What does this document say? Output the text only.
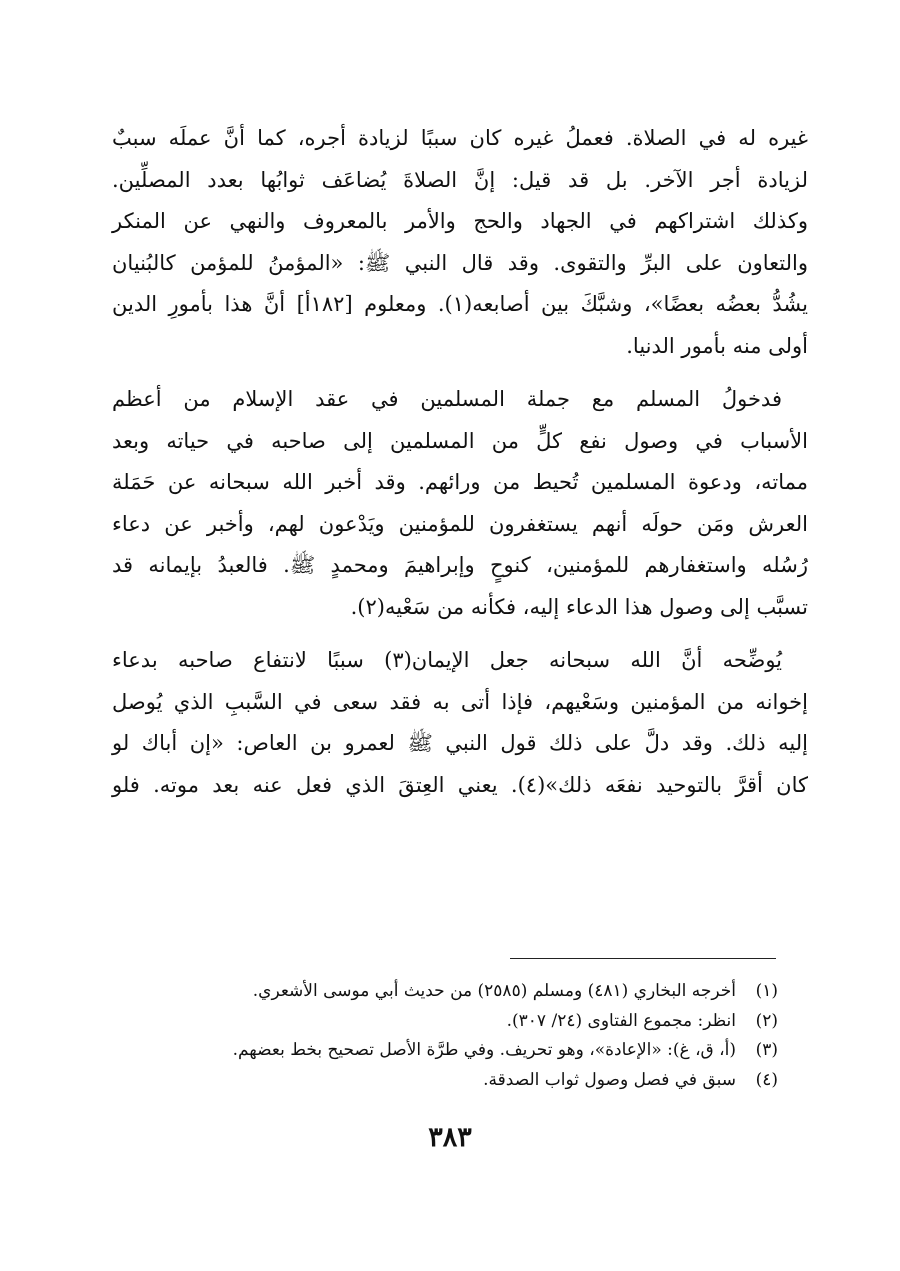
غيره له في الصلاة. فعملُ غيره كان سببًا لزيادة أجره، كما أنَّ عملَه سببٌ
لزيادة أجر الآخر. بل قد قيل: إنَّ الصلاةَ يُضاعَف ثوابُها بعدد المصلِّين.
وكذلك اشتراكهم في الجهاد والحج والأمر بالمعروف والنهي عن المنكر
والتعاون على البرِّ والتقوى. وقد قال النبي ﷺ: «المؤمنُ للمؤمن كالبُنيان
يشُدُّ بعضُه بعضًا»، وشبَّكَ بين أصابعه(١). ومعلوم [١٨٢أ] أنَّ هذا بأمورِ الدين
أولى منه بأمور الدنيا.

فدخولُ المسلم مع جملة المسلمين في عقد الإسلام من أعظم
الأسباب في وصول نفع كلٍّ من المسلمين إلى صاحبه في حياته وبعد
مماته، ودعوة المسلمين تُحيط من ورائهم. وقد أخبر الله سبحانه عن حَمَلة
العرش ومَن حولَه أنهم يستغفرون للمؤمنين ويَدْعون لهم، وأخبر عن دعاء
رُسُله واستغفارهم للمؤمنين، كنوحٍ وإبراهيمَ ومحمدٍ ﷺ. فالعبدُ بإيمانه قد
تسبَّب إلى وصول هذا الدعاء إليه، فكأنه من سَعْيه(٢).

يُوضِّحه أنَّ الله سبحانه جعل الإيمان(٣) سببًا لانتفاع صاحبه بدعاء
إخوانه من المؤمنين وسَعْيهم، فإذا أتى به فقد سعى في السَّببِ الذي يُوصل
إليه ذلك. وقد دلَّ على ذلك قول النبي ﷺ لعمرو بن العاص: «إن أباك لو
كان أقرَّ بالتوحيد نفعَه ذلك»(٤). يعني العِتقَ الذي فعل عنه بعد موته. فلو

(١)أخرجه البخاري (٤٨١) ومسلم (٢٥٨٥) من حديث أبي موسى الأشعري.
(٢)انظر: مجموع الفتاوى (٢٤/ ٣٠٧).
(٣)(أ، ق، غ): «الإعادة»، وهو تحريف. وفي طرَّة الأصل تصحيح بخط بعضهم.
(٤)سبق في فصل وصول ثواب الصدقة.
٣٨٣
